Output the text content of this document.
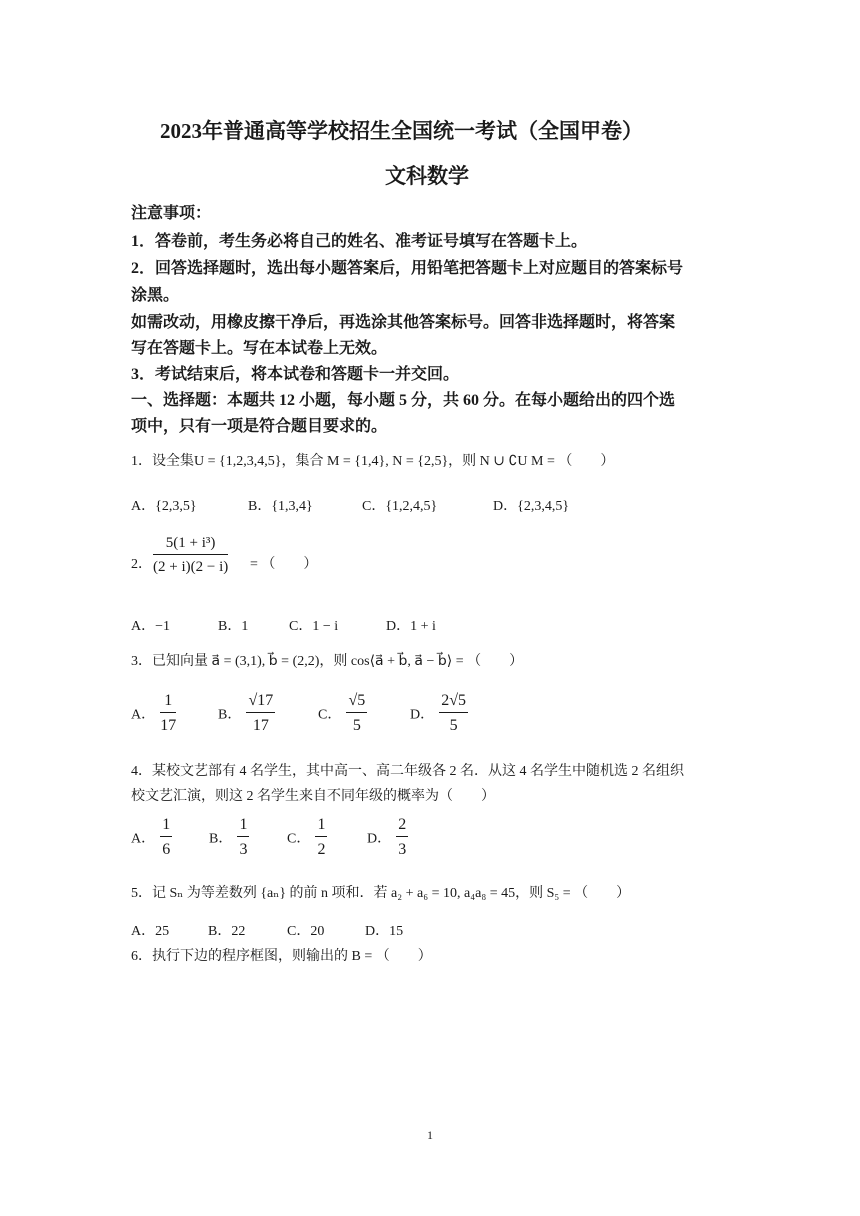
2023年普通高等学校招生全国统一考试（全国甲卷）
文科数学
注意事项：
1．答卷前，考生务必将自己的姓名、准考证号填写在答题卡上。
2．回答选择题时，选出每小题答案后，用铅笔把答题卡上对应题目的答案标号
涂黑。
如需改动，用橡皮擦干净后，再选涂其他答案标号。回答非选择题时，将答案
写在答题卡上。写在本试卷上无效。
3．考试结束后，将本试卷和答题卡一并交回。
一、选择题：本题共 12 小题，每小题 5 分，共 60 分。在每小题给出的四个选
项中，只有一项是符合题目要求的。
1．设全集U = {1,2,3,4,5}，集合 M = {1,4}, N = {2,5}，则 N ∪ ∁U M = （　　）
A．{2,3,5}	B．{1,3,4}	C．{1,2,4,5}	D．{2,3,4,5}
2． $\frac{\text{5(1 + i³)}}{(2 + i)(2 - i)}$ = （　　）
A．−1	B．1	C．1 − i	D．1 + i
3．已知向量 a⃗ = (3,1), b⃗ = (2,2)，则 cos⟨a⃗ + b⃗, a⃗ − b⃗⟩ = （　　）
A． $\frac{1}{17}$	B． $\frac{√17}{17}$	C． $\frac{√5}{5}$	D． $\frac{2√5}{5}$
4．某校文艺部有 4 名学生，其中高一、高二年级各 2 名．从这 4 名学生中随机选 2 名组织
校文艺汇演，则这 2 名学生来自不同年级的概率为（　　）
A． $\frac{1}{6}$	B． $\frac{1}{3}$	C． $\frac{1}{2}$	D． $\frac{2}{3}$
5．记 Sₙ 为等差数列 {aₙ} 的前 n 项和．若 a₂ + a₆ = 10, a₄a₈ = 45，则 S₅ = （　　）
A．25	B．22	C．20	D．15
6．执行下边的程序框图，则输出的 B = （　　）
1
